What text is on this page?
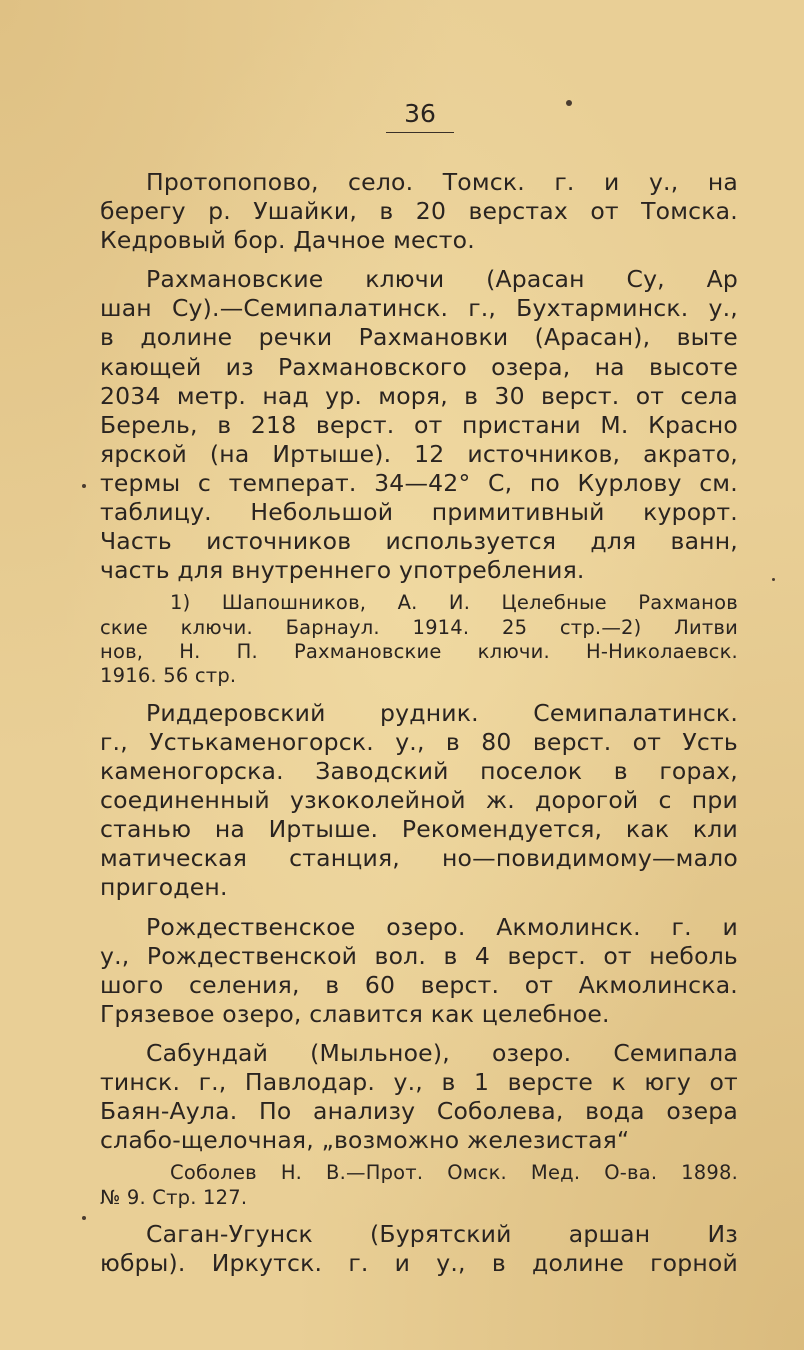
36
Протопопово, село. Томск. г. и у., на
берегу р. Ушайки, в 20 верстах от Томска.
Кедровый бор. Дачное место.
Рахмановские ключи (Арасан Су, Ар
шан Су).—Семипалатинск. г., Бухтарминск. у.,
в долине речки Рахмановки (Арасан), выте
кающей из Рахмановского озера, на высоте
2034 метр. над ур. моря, в 30 верст. от села
Берель, в 218 верст. от пристани М. Красно
ярской (на Иртыше). 12 источников, акрато,
термы с температ. 34—42° С, по Курлову см.
таблицу. Небольшой примитивный курорт.
Часть источников используется для ванн,
часть для внутреннего употребления.
1) Шапошников, А. И. Целебные Рахманов
ские ключи. Барнаул. 1914. 25 стр.—2) Литви
нов, Н. П. Рахмановские ключи. Н-Николаевск.
1916. 56 стр.
Риддеровский рудник. Семипалатинск.
г., Устькаменогорск. у., в 80 верст. от Усть
каменогорска. Заводский поселок в горах,
соединенный узкоколейной ж. дорогой с при
станью на Иртыше. Рекомендуется, как кли
матическая станция, но—повидимому—мало
пригоден.
Рождественское озеро. Акмолинск. г. и
у., Рождественской вол. в 4 верст. от неболь
шого селения, в 60 верст. от Акмолинска.
Грязевое озеро, славится как целебное.
Сабундай (Мыльное), озеро. Семипала
тинск. г., Павлодар. у., в 1 версте к югу от
Баян-Аула. По анализу Соболева, вода озера
слабо-щелочная, „возможно железистая“
Соболев Н. В.—Прот. Омск. Мед. О-ва. 1898.
№ 9. Стр. 127.
Саган-Угунск (Бурятский аршан Из
юбры). Иркутск. г. и у., в долине горной
